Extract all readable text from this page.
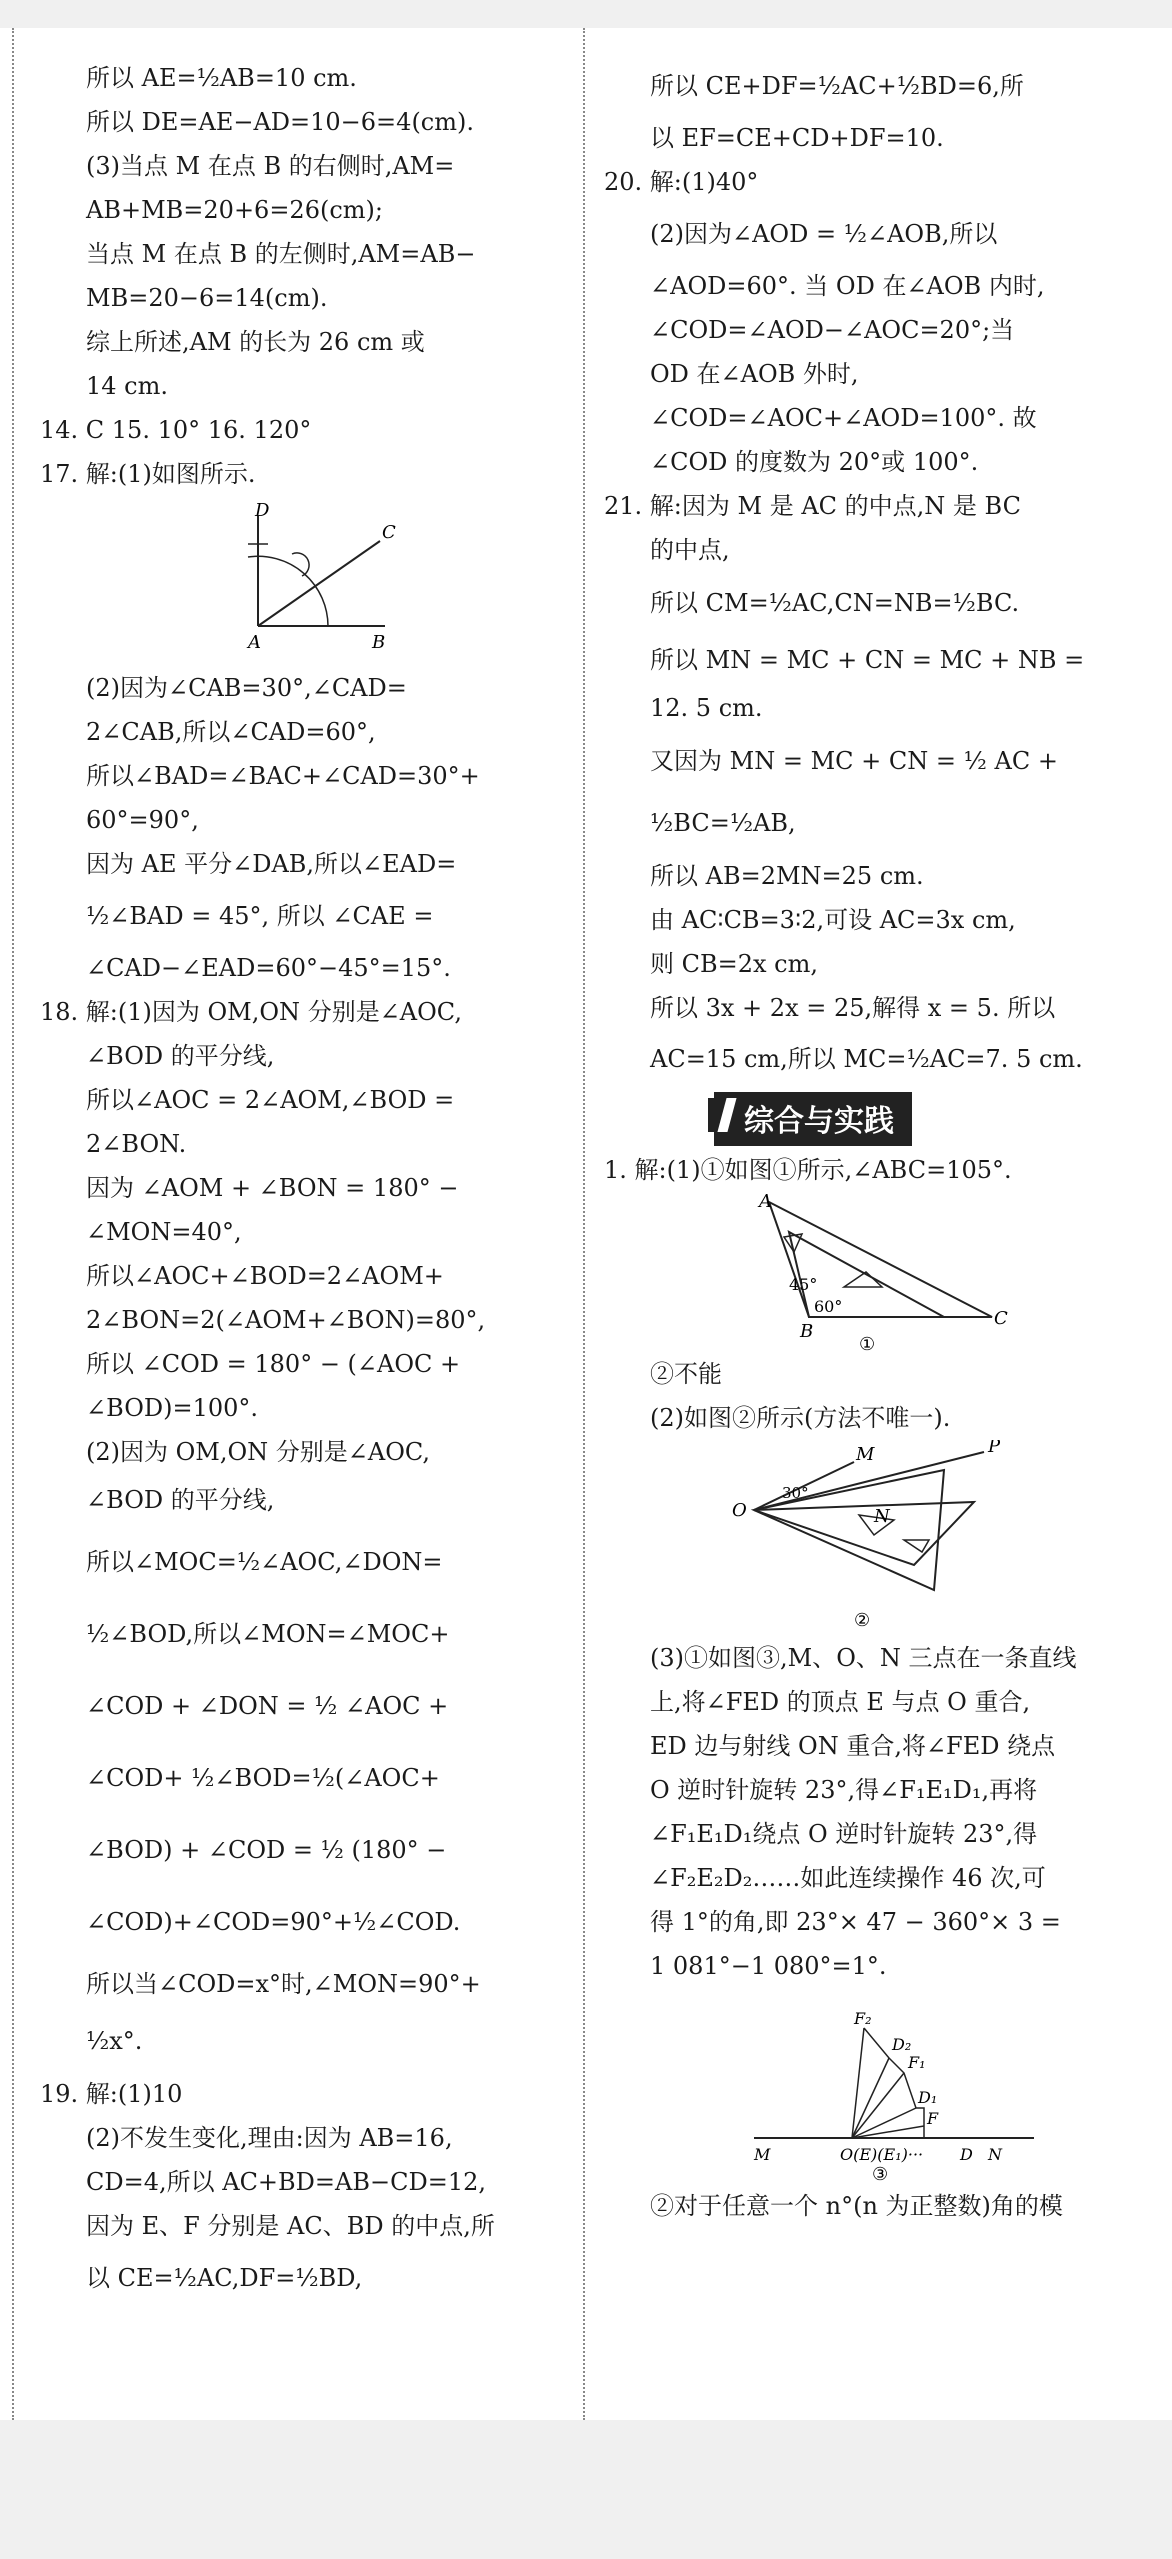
所以 AE=½AB=10 cm.

所以 DE=AE−AD=10−6=4(cm).

(3)当点 M 在点 B 的右侧时,AM=

AB+MB=20+6=26(cm);

当点 M 在点 B 的左侧时,AM=AB−

MB=20−6=14(cm).

综上所述,AM 的长为 26 cm 或

14 cm.

14. C 15. 10° 16. 120°

17. 解:(1)如图所示.

D
C
A	B

(2)因为∠CAB=30°,∠CAD=

2∠CAB,所以∠CAD=60°,

所以∠BAD=∠BAC+∠CAD=30°+

60°=90°,

因为 AE 平分∠DAB,所以∠EAD=

½∠BAD = 45°, 所以 ∠CAE =

∠CAD−∠EAD=60°−45°=15°.

18. 解:(1)因为 OM,ON 分别是∠AOC,

∠BOD 的平分线,

所以∠AOC = 2∠AOM,∠BOD =

2∠BON.

因为 ∠AOM + ∠BON = 180° −

∠MON=40°,

所以∠AOC+∠BOD=2∠AOM+

2∠BON=2(∠AOM+∠BON)=80°,

所以 ∠COD = 180° − (∠AOC +

∠BOD)=100°.

(2)因为 OM,ON 分别是∠AOC,

∠BOD 的平分线,

所以∠MOC=½∠AOC,∠DON=

½∠BOD,所以∠MON=∠MOC+

∠COD + ∠DON = ½ ∠AOC +

∠COD+ ½∠BOD=½(∠AOC+

∠BOD) + ∠COD = ½ (180° −

∠COD)+∠COD=90°+½∠COD.

所以当∠COD=x°时,∠MON=90°+

½x°.

19. 解:(1)10

(2)不发生变化,理由:因为 AB=16,

CD=4,所以 AC+BD=AB−CD=12,

因为 E、F 分别是 AC、BD 的中点,所

以 CE=½AC,DF=½BD,

所以 CE+DF=½AC+½BD=6,所

以 EF=CE+CD+DF=10.

20. 解:(1)40°

(2)因为∠AOD = ½∠AOB,所以

∠AOD=60°. 当 OD 在∠AOB 内时,

∠COD=∠AOD−∠AOC=20°;当

OD 在∠AOB 外时,

∠COD=∠AOC+∠AOD=100°. 故

∠COD 的度数为 20°或 100°.

21. 解:因为 M 是 AC 的中点,N 是 BC

的中点,

所以 CM=½AC,CN=NB=½BC.

所以 MN = MC + CN = MC + NB =

12. 5 cm.

又因为 MN = MC + CN = ½ AC +

½BC=½AB,

所以 AB=2MN=25 cm.

由 AC∶CB=3∶2,可设 AC=3x cm,

则 CB=2x cm,

所以 3x + 2x = 25,解得 x = 5. 所以

AC=15 cm,所以 MC=½AC=7. 5 cm.

综合与实践

1. 解:(1)①如图①所示,∠ABC=105°.

A
B
C
45°
60°
①

②不能

(2)如图②所示(方法不唯一).

M	P
O	N
30°
②

(3)①如图③,M、O、N 三点在一条直线

上,将∠FED 的顶点 E 与点 O 重合,

ED 边与射线 ON 重合,将∠FED 绕点

O 逆时针旋转 23°,得∠F₁E₁D₁,再将

∠F₁E₁D₁绕点 O 逆时针旋转 23°,得

∠F₂E₂D₂……如此连续操作 46 次,可

得 1°的角,即 23°× 47 − 360°× 3 =

1 081°−1 080°=1°.

F₂
D₂
F₁
D₁
F
M	O(E)(E₁)··· D N
③

②对于任意一个 n°(n 为正整数)角的模
